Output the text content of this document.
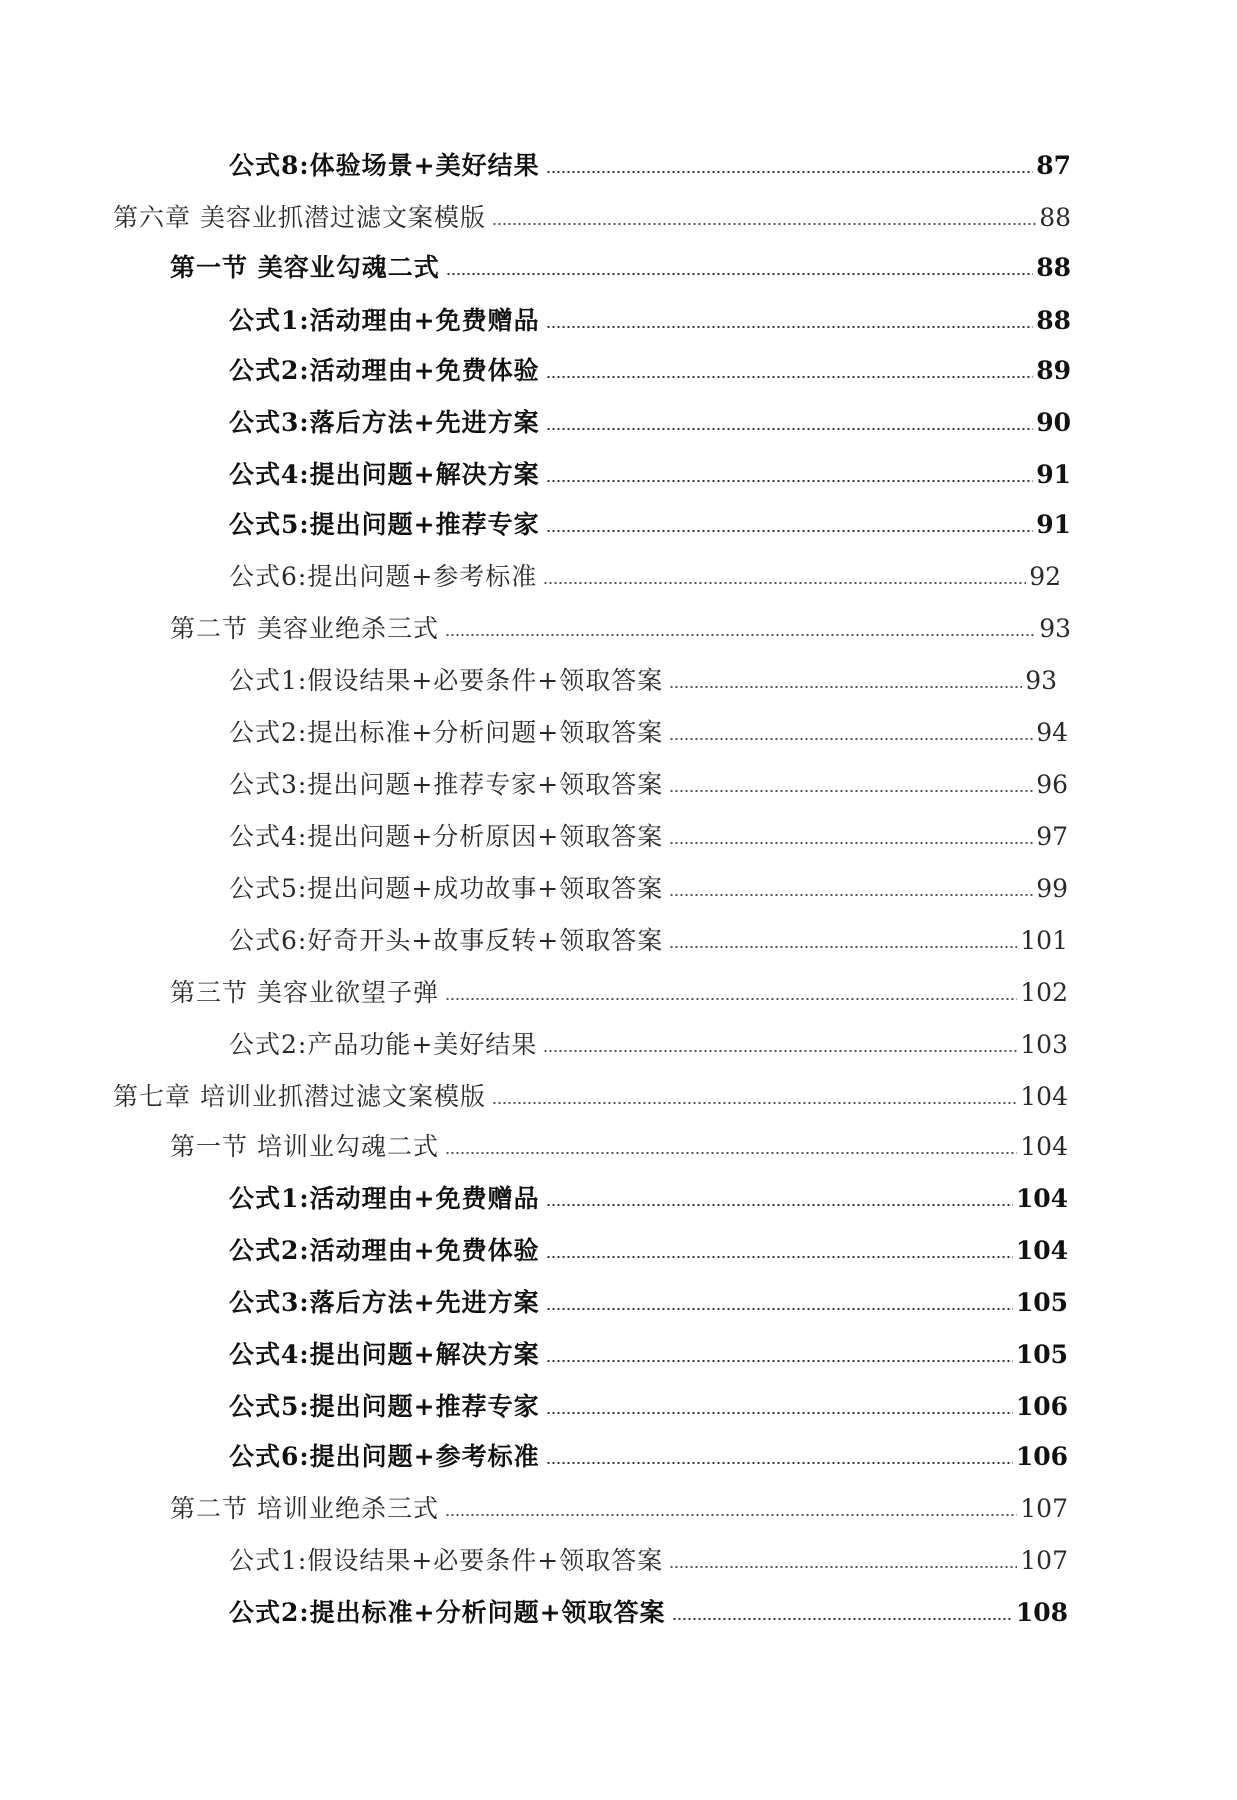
公式8:体验场景+美好结果	87
第六章 美容业抓潜过滤文案模版	88
第一节 美容业勾魂二式	88
公式1:活动理由+免费赠品	88
公式2:活动理由+免费体验	89
公式3:落后方法+先进方案	90
公式4:提出问题+解决方案	91
公式5:提出问题+推荐专家	91
公式6:提出问题+参考标准	92
第二节 美容业绝杀三式	93
公式1:假设结果+必要条件+领取答案	93
公式2:提出标准+分析问题+领取答案	94
公式3:提出问题+推荐专家+领取答案	96
公式4:提出问题+分析原因+领取答案	97
公式5:提出问题+成功故事+领取答案	99
公式6:好奇开头+故事反转+领取答案	101
第三节 美容业欲望子弹	102
公式2:产品功能+美好结果	103
第七章 培训业抓潜过滤文案模版	104
第一节 培训业勾魂二式	104
公式1:活动理由+免费赠品	104
公式2:活动理由+免费体验	104
公式3:落后方法+先进方案	105
公式4:提出问题+解决方案	105
公式5:提出问题+推荐专家	106
公式6:提出问题+参考标准	106
第二节 培训业绝杀三式	107
公式1:假设结果+必要条件+领取答案	107
公式2:提出标准+分析问题+领取答案	108
